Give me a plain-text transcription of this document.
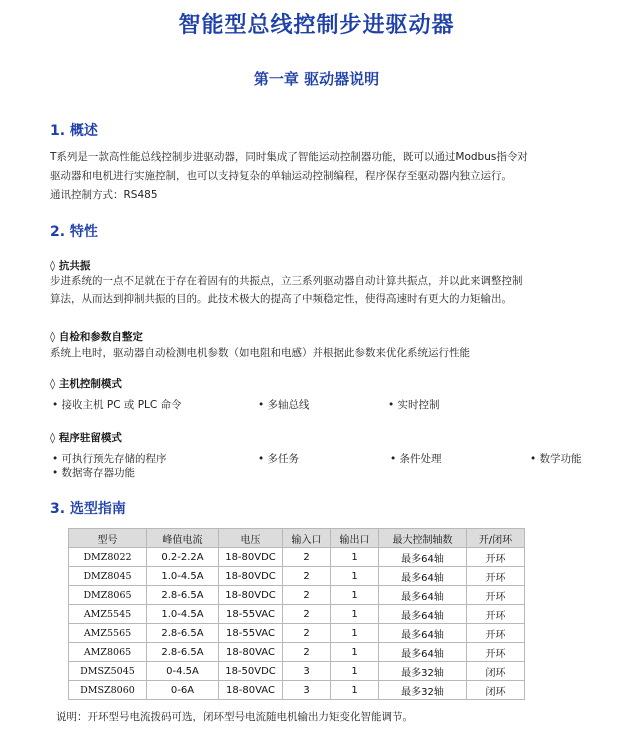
智能型总线控制步进驱动器
第一章 驱动器说明
1. 概述
T系列是一款高性能总线控制步进驱动器，同时集成了智能运动控制器功能，既可以通过Modbus指令对
驱动器和电机进行实施控制，也可以支持复杂的单轴运动控制编程，程序保存至驱动器内独立运行。
通讯控制方式：RS485
2. 特性
◊ 抗共振
步进系统的一点不足就在于存在着固有的共振点，立三系列驱动器自动计算共振点，并以此来调整控制
算法，从而达到抑制共振的目的。此技术极大的提高了中频稳定性，使得高速时有更大的力矩输出。
◊ 自检和参数自整定
系统上电时，驱动器自动检测电机参数（如电阻和电感）并根据此参数来优化系统运行性能
◊ 主机控制模式
• 接收主机 PC 或 PLC 命令	• 多轴总线	• 实时控制
◊ 程序驻留模式
• 可执行预先存储的程序	• 多任务	• 条件处理	• 数学功能
• 数据寄存器功能
3. 选型指南
型号	峰值电流	电压	输入口	输出口	最大控制轴数	开/闭环
DMZ8022	0.2-2.2A	18-80VDC	2	1	最多64轴	开环
DMZ8045	1.0-4.5A	18-80VDC	2	1	最多64轴	开环
DMZ8065	2.8-6.5A	18-80VDC	2	1	最多64轴	开环
AMZ5545	1.0-4.5A	18-55VAC	2	1	最多64轴	开环
AMZ5565	2.8-6.5A	18-55VAC	2	1	最多64轴	开环
AMZ8065	2.8-6.5A	18-80VAC	2	1	最多64轴	开环
DMSZ5045	0-4.5A	18-50VDC	3	1	最多32轴	闭环
DMSZ8060	0-6A	18-80VAC	3	1	最多32轴	闭环
说明：开环型号电流拨码可选，闭环型号电流随电机输出力矩变化智能调节。
